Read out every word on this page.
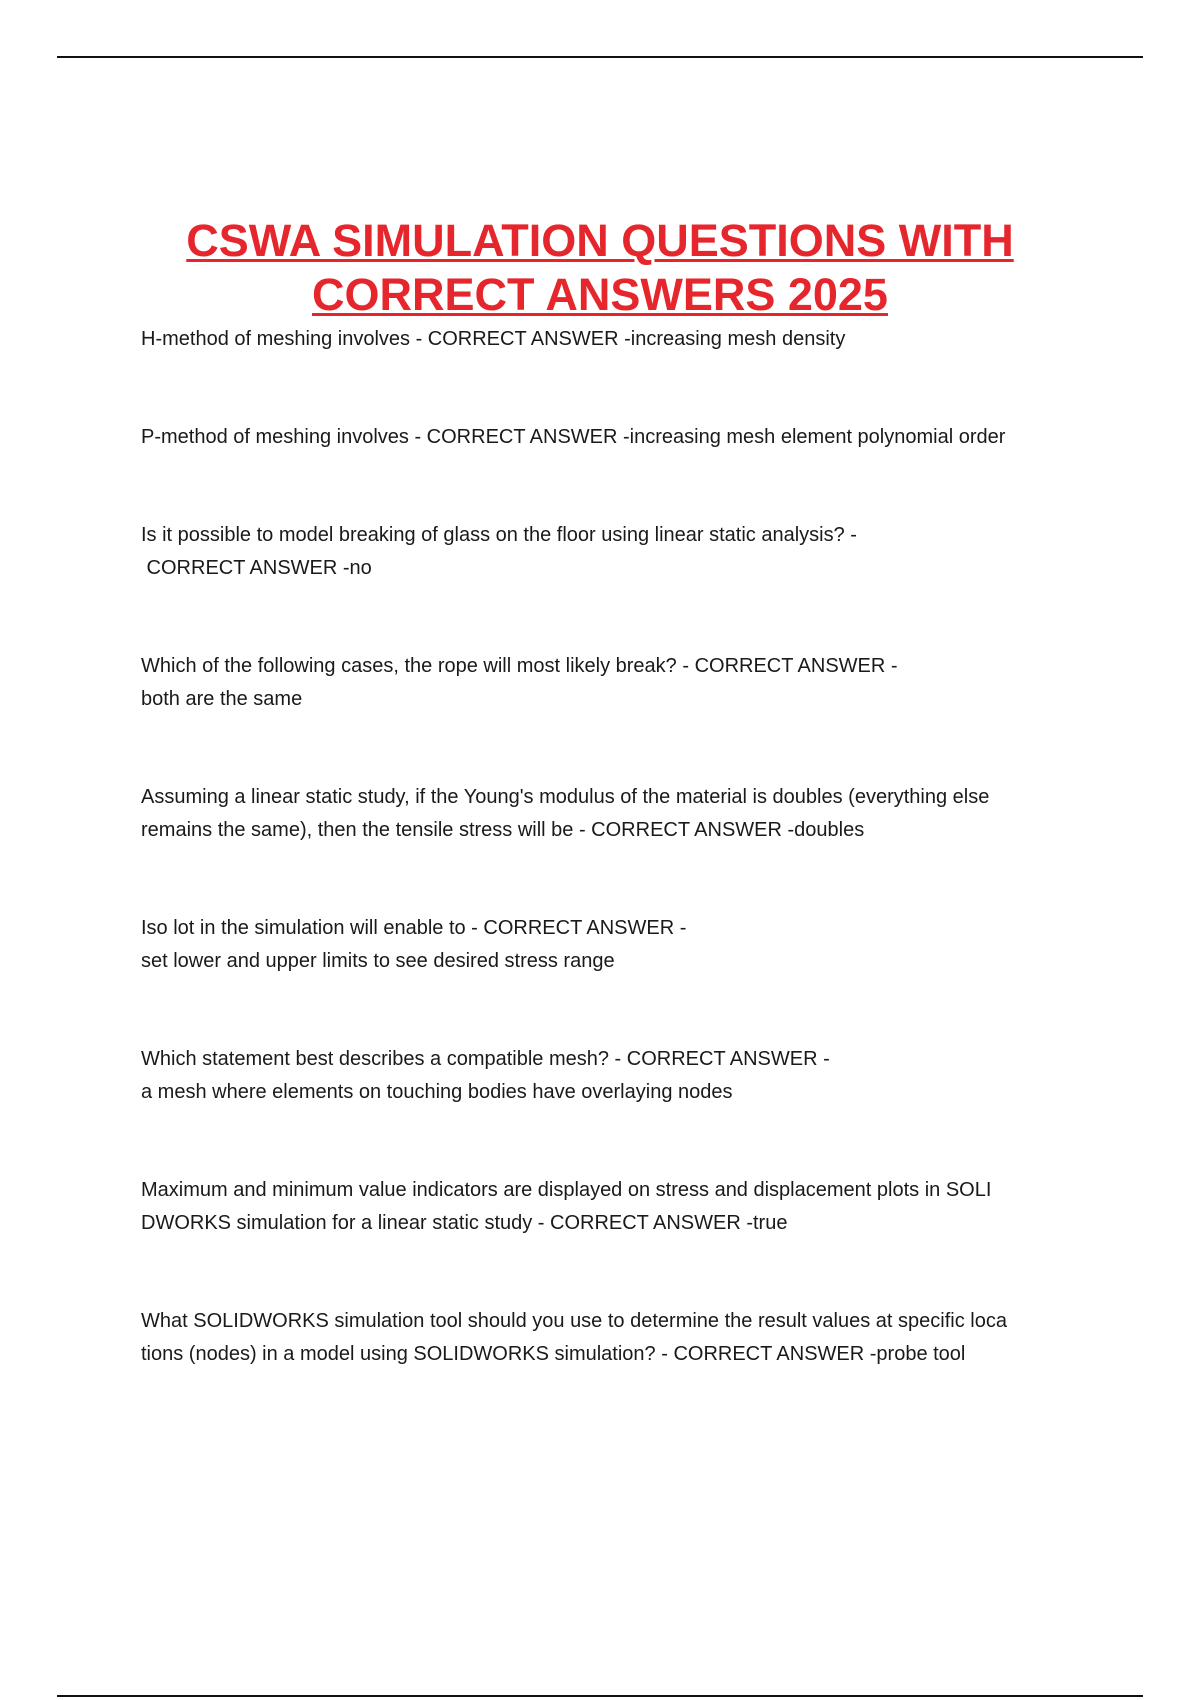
CSWA SIMULATION QUESTIONS WITH
CORRECT ANSWERS 2025

H-method of meshing involves - CORRECT ANSWER -increasing mesh density

P-method of meshing involves - CORRECT ANSWER -increasing mesh element polynomial order

Is it possible to model breaking of glass on the floor using linear static analysis? -
CORRECT ANSWER -no

Which of the following cases, the rope will most likely break? - CORRECT ANSWER -
both are the same

Assuming a linear static study, if the Young's modulus of the material is doubles (everything else
remains the same), then the tensile stress will be - CORRECT ANSWER -doubles

Iso lot in the simulation will enable to - CORRECT ANSWER -
set lower and upper limits to see desired stress range

Which statement best describes a compatible mesh? - CORRECT ANSWER -
a mesh where elements on touching bodies have overlaying nodes

Maximum and minimum value indicators are displayed on stress and displacement plots in SOLI
DWORKS simulation for a linear static study - CORRECT ANSWER -true

What SOLIDWORKS simulation tool should you use to determine the result values at specific loca
tions (nodes) in a model using SOLIDWORKS simulation? - CORRECT ANSWER -probe tool
